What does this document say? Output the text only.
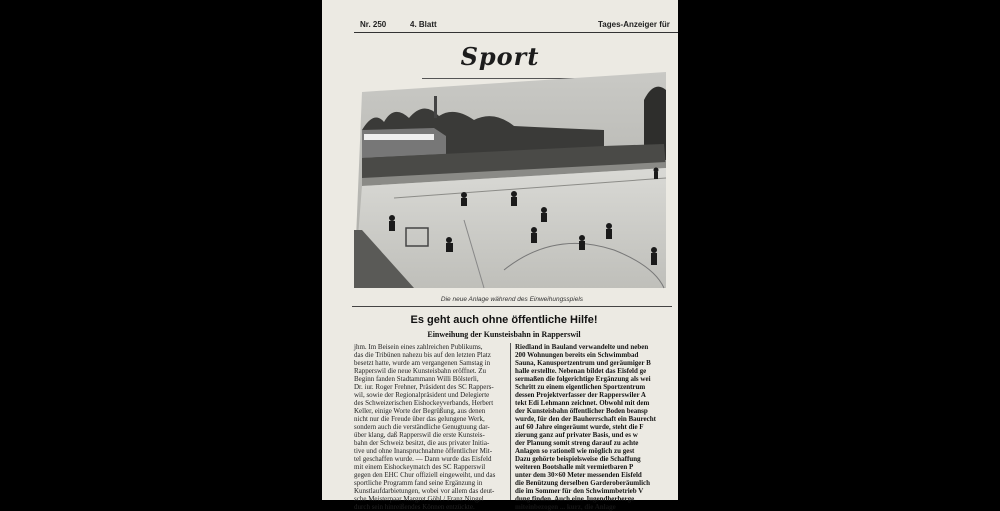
Nr. 250	4. Blatt	Tages-Anzeiger für
Sport
Die neue Anlage während des Einweihungsspiels
Es geht auch ohne öffentliche Hilfe!
Einweihung der Kunsteisbahn in Rapperswil

jhm. Im Beisein eines zahlreichen Publikums,

das die Tribünen nahezu bis auf den letzten Platz

besetzt hatte, wurde am vergangenen Samstag in

Rapperswil die neue Kunsteisbahn eröffnet. Zu

Beginn fanden Stadtammann Willi Bölsterli,

Dr. iur. Roger Frehner, Präsident des SC Rappers-

wil, sowie der Regionalpräsident und Delegierte

des Schweizerischen Eishockeyverbands, Herbert

Keller, einige Worte der Begrüßung, aus denen

nicht nur die Freude über das gelungene Werk,

sondern auch die verständliche Genugtuung dar-

über klang, daß Rapperswil die erste Kunsteis-

bahn der Schweiz besitzt, die aus privater Initia-

tive und ohne Inanspruchnahme öffentlicher Mit-

tel geschaffen wurde. — Dann wurde das Eisfeld

mit einem Eishockeymatch des SC Rapperswil

gegen den EHC Chur offiziell eingeweiht, und das

sportliche Programm fand seine Ergänzung in

Kunstlaufdarbietungen, wobei vor allem das deut-

sche Meisterpaar Margret Göbl / Franz Ningel

durch sein hinreißendes Können entzückte.

Riedland in Bauland verwandelte und neben

200 Wohnungen bereits ein Schwimmbad

Sauna, Kanusportzentrum und geräumiger B

halle erstellte. Nebenan bildet das Eisfeld ge

sermaßen die folgerichtige Ergänzung als wei

Schritt zu einem eigentlichen Sportzentrum

dessen Projektverfasser der Rapperswiler A

tekt Edi Lehmann zeichnet. Obwohl mit dem

der Kunsteisbahn öffentlicher Boden beansp

wurde, für den der Bauherrschaft ein Baurecht

auf 60 Jahre eingeräumt wurde, steht die F

zierung ganz auf privater Basis, und es w

der Planung somit streng darauf zu achte

Anlagen so rationell wie möglich zu gest

Dazu gehörte beispielsweise die Schaffung

weiteren Bootshalle mit vermietbaren P

unter dem 30×60 Meter messenden Eisfeld

die Benützung derselben Garderoberäumlich

die im Sommer für den Schwimmbetrieb V

dung finden. Auch eine Jugendherberge

miteinbezogen ... kurz, die Anlage
